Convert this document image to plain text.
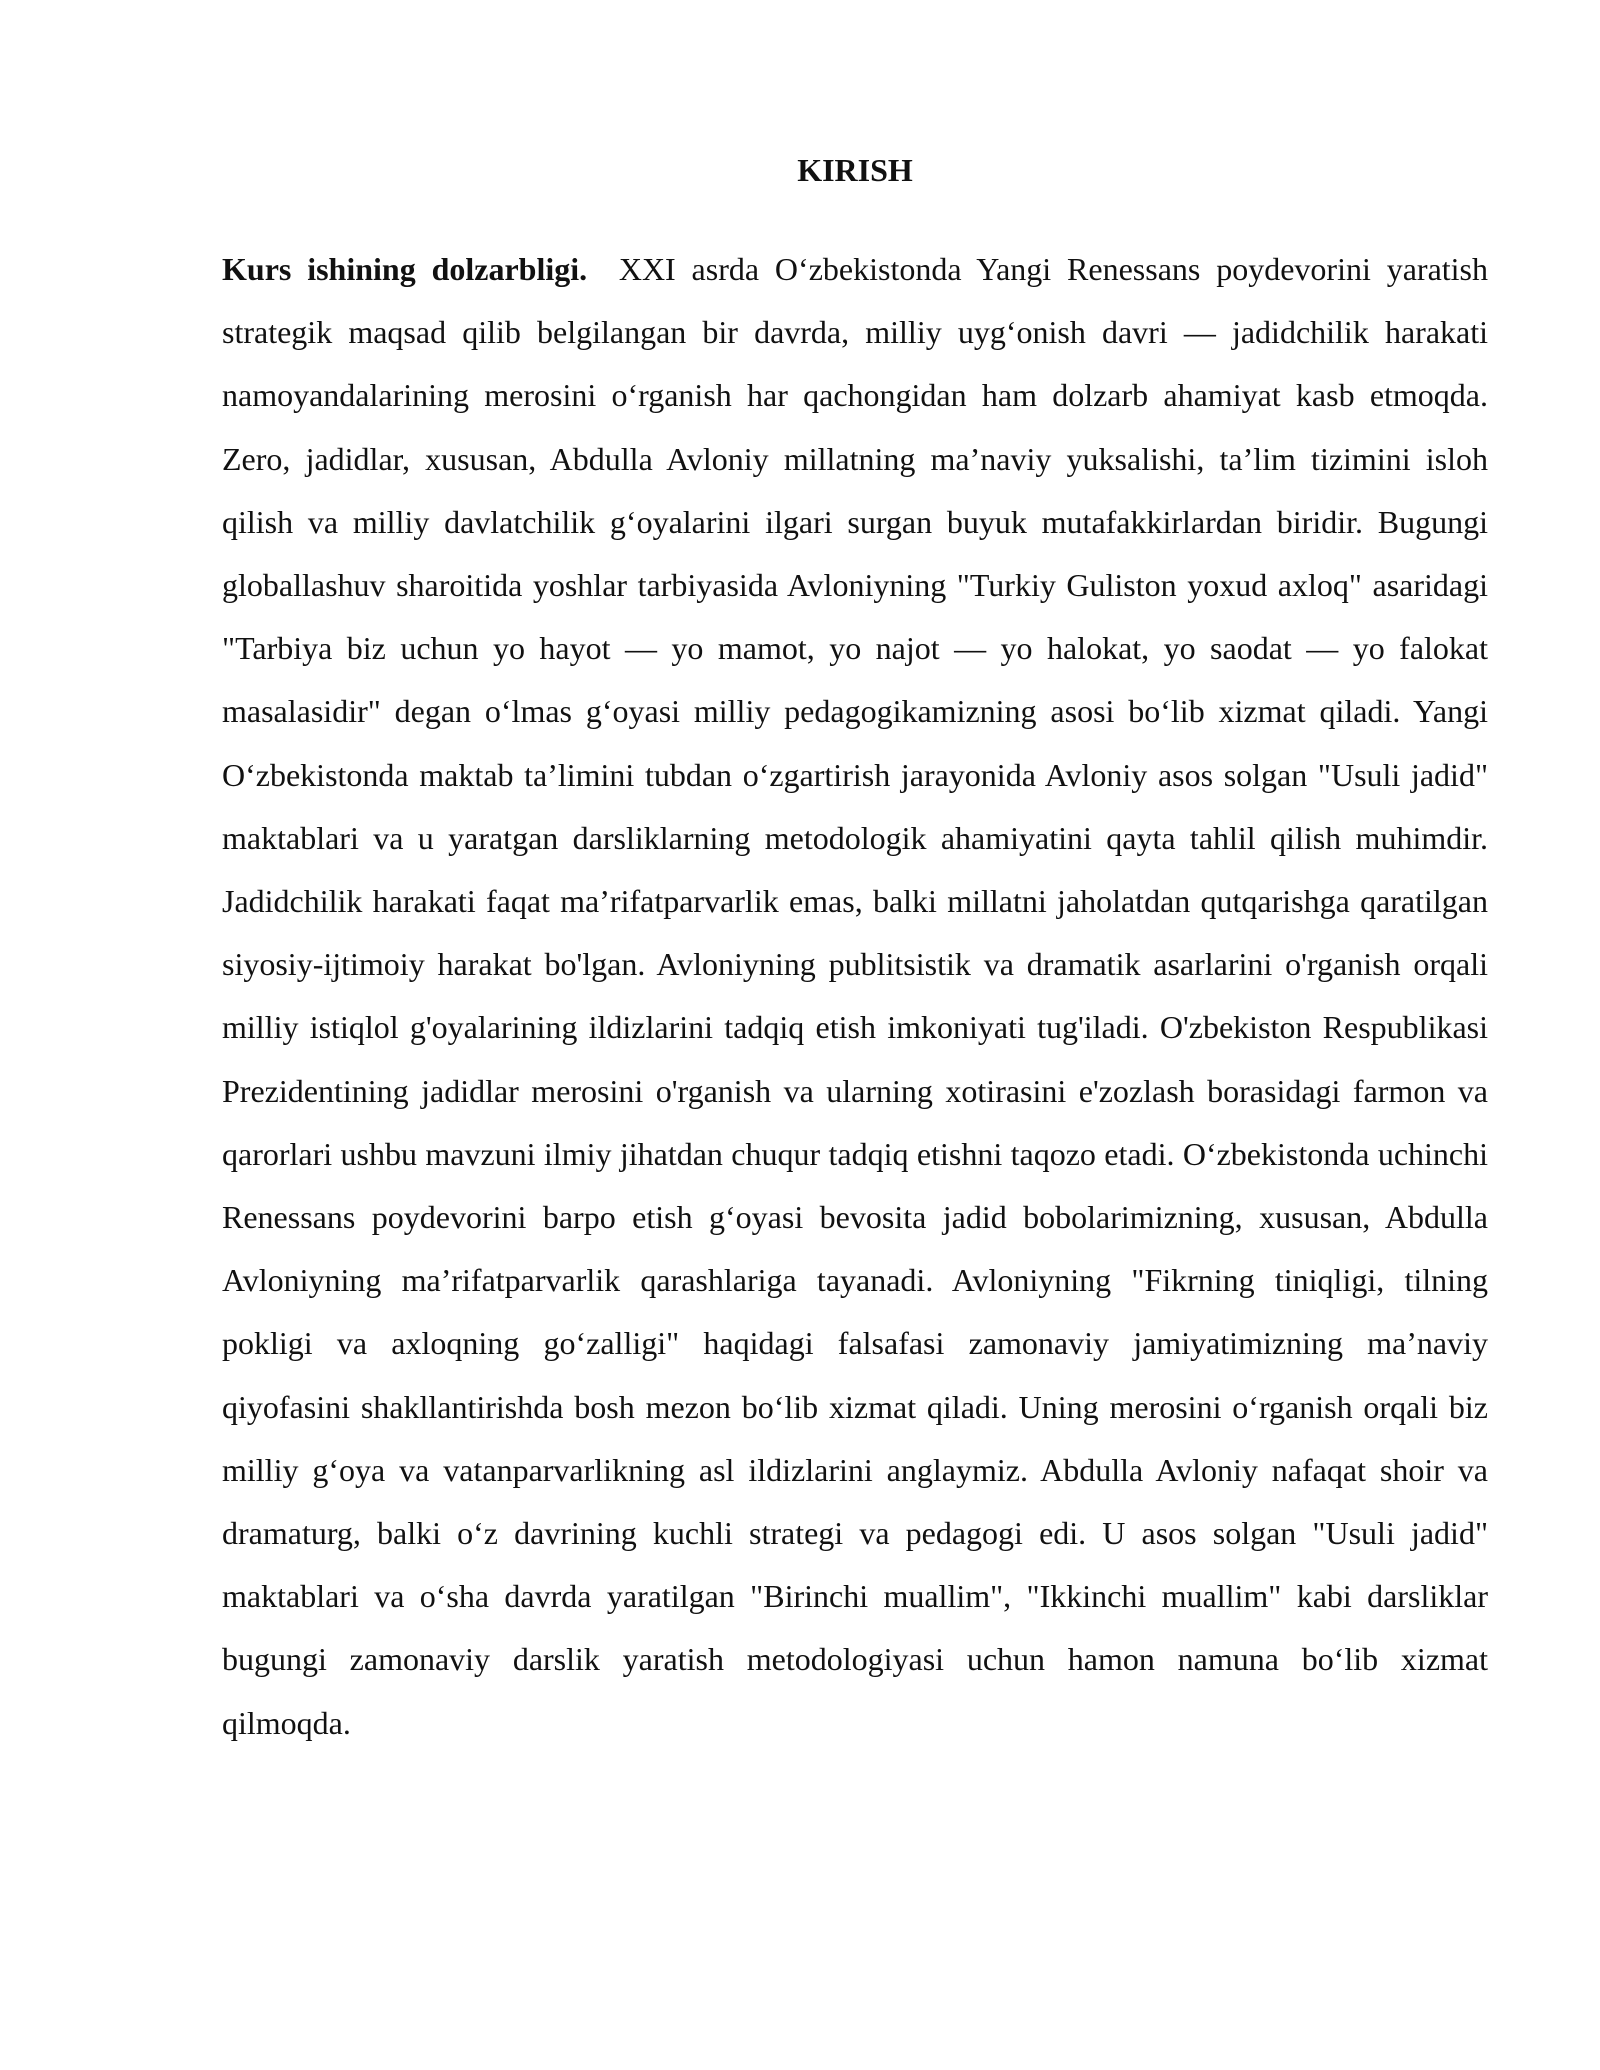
KIRISH

Kurs ishining dolzarbligi. XXI asrda O‘zbekistonda Yangi Renessans poydevorini yaratish strategik maqsad qilib belgilangan bir davrda, milliy uyg‘onish davri — jadidchilik harakati namoyandalarining merosini o‘rganish har qachongidan ham dolzarb ahamiyat kasb etmoqda. Zero, jadidlar, xususan, Abdulla Avloniy millatning ma’naviy yuksalishi, ta’lim tizimini isloh qilish va milliy davlatchilik g‘oyalarini ilgari surgan buyuk mutafakkirlardan biridir. Bugungi globallashuv sharoitida yoshlar tarbiyasida Avloniyning "Turkiy Guliston yoxud axloq" asaridagi "Tarbiya biz uchun yo hayot — yo mamot, yo najot — yo halokat, yo saodat — yo falokat masalasidir" degan o‘lmas g‘oyasi milliy pedagogikamizning asosi bo‘lib xizmat qiladi. Yangi O‘zbekistonda maktab ta’limini tubdan o‘zgartirish jarayonida Avloniy asos solgan "Usuli jadid" maktablari va u yaratgan darsliklarning metodologik ahamiyatini qayta tahlil qilish muhimdir. Jadidchilik harakati faqat ma’rifatparvarlik emas, balki millatni jaholatdan qutqarishga qaratilgan siyosiy-ijtimoiy harakat bo'lgan. Avloniyning publitsistik va dramatik asarlarini o'rganish orqali milliy istiqlol g'oyalarining ildizlarini tadqiq etish imkoniyati tug'iladi. O'zbekiston Respublikasi Prezidentining jadidlar merosini o'rganish va ularning xotirasini e'zozlash borasidagi farmon va qarorlari ushbu mavzuni ilmiy jihatdan chuqur tadqiq etishni taqozo etadi. O‘zbekistonda uchinchi Renessans poydevorini barpo etish g‘oyasi bevosita jadid bobolarimizning, xususan, Abdulla Avloniyning ma’rifatparvarlik qarashlariga tayanadi. Avloniyning "Fikrning tiniqligi, tilning pokligi va axloqning go‘zalligi" haqidagi falsafasi zamonaviy jamiyatimizning ma’naviy qiyofasini shakllantirishda bosh mezon bo‘lib xizmat qiladi. Uning merosini o‘rganish orqali biz milliy g‘oya va vatanparvarlikning asl ildizlarini anglaymiz. Abdulla Avloniy nafaqat shoir va dramaturg, balki o‘z davrining kuchli strategi va pedagogi edi. U asos solgan "Usuli jadid" maktablari va o‘sha davrda yaratilgan "Birinchi muallim", "Ikkinchi muallim" kabi darsliklar bugungi zamonaviy darslik yaratish metodologiyasi uchun hamon namuna bo‘lib xizmat qilmoqda.
